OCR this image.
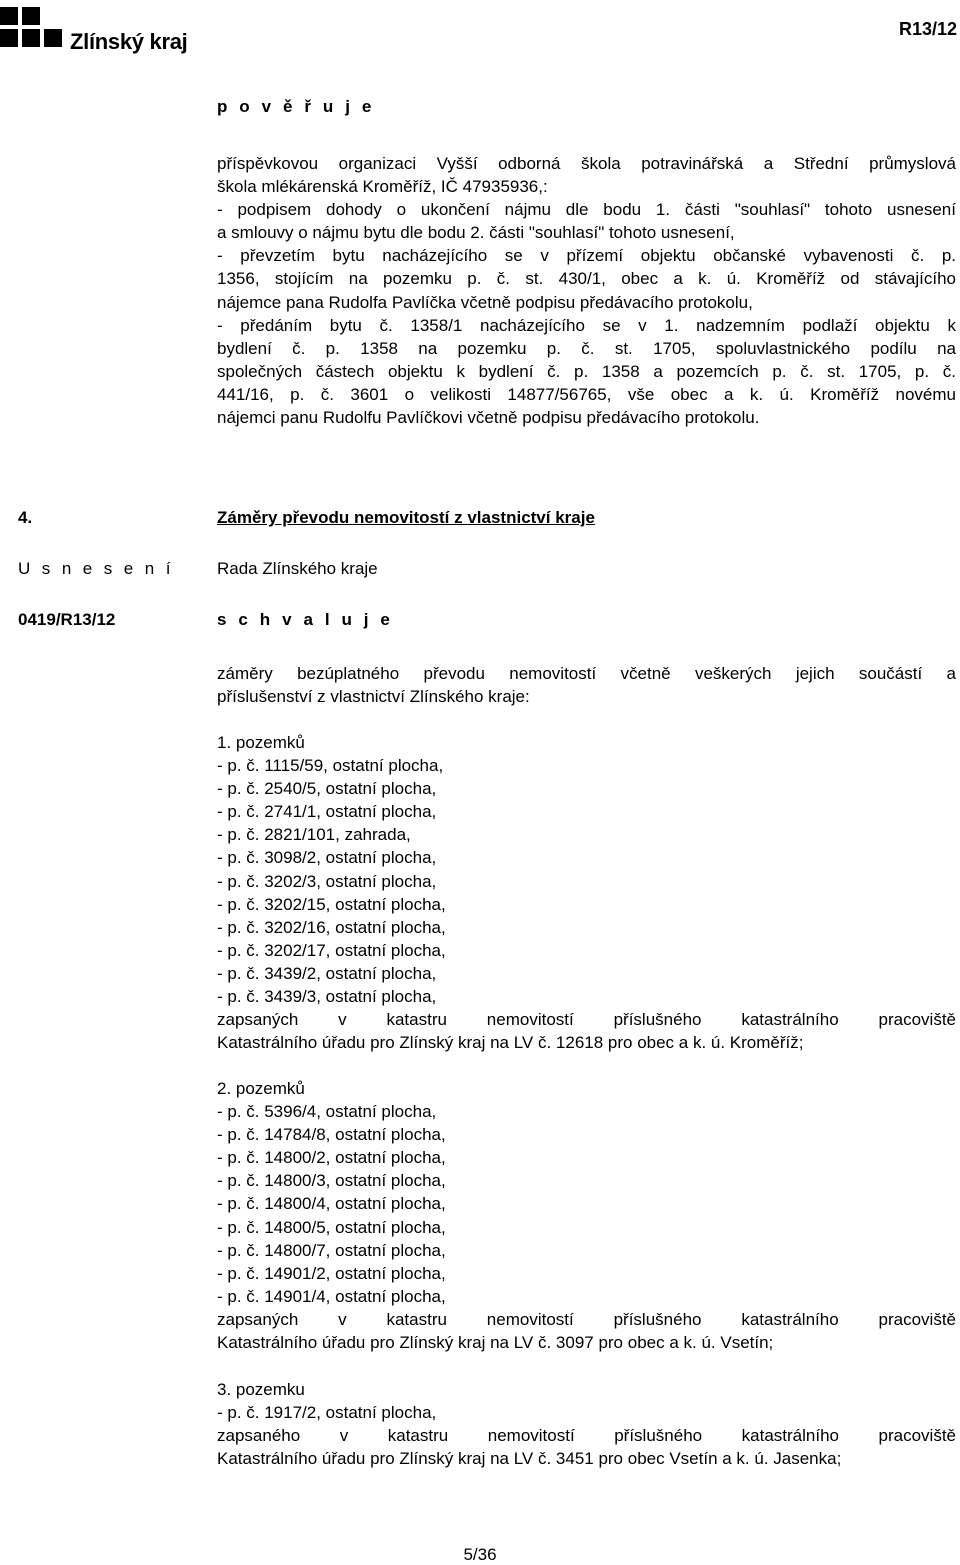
Zlínský kraj	R13/12
p o v ě ř u j e
příspěvkovou organizaci Vyšší odborná škola potravinářská a Střední průmyslová
škola mlékárenská Kroměříž, IČ 47935936,:
- podpisem dohody o ukončení nájmu dle bodu 1. části "souhlasí" tohoto usnesení
a smlouvy o nájmu bytu dle bodu 2. části "souhlasí" tohoto usnesení,
- převzetím bytu nacházejícího se v přízemí objektu občanské vybavenosti č. p.
1356, stojícím na pozemku p. č. st. 430/1, obec a k. ú. Kroměříž od stávajícího
nájemce pana Rudolfa Pavlíčka včetně podpisu předávacího protokolu,
- předáním bytu č. 1358/1 nacházejícího se v 1. nadzemním podlaží objektu k
bydlení č. p. 1358 na pozemku p. č. st. 1705, spoluvlastnického podílu na
společných částech objektu k bydlení č. p. 1358 a pozemcích p. č. st. 1705, p. č.
441/16, p. č. 3601 o velikosti 14877/56765, vše obec a k. ú. Kroměříž novému
nájemci panu Rudolfu Pavlíčkovi včetně podpisu předávacího protokolu.
4.	Záměry převodu nemovitostí z vlastnictví kraje
U s n e s e n í	Rada Zlínského kraje
0419/R13/12	s c h v a l u j e
záměry bezúplatného převodu nemovitostí včetně veškerých jejich součástí a
příslušenství z vlastnictví Zlínského kraje:
1. pozemků
- p. č. 1115/59, ostatní plocha,
- p. č. 2540/5, ostatní plocha,
- p. č. 2741/1, ostatní plocha,
- p. č. 2821/101, zahrada,
- p. č. 3098/2, ostatní plocha,
- p. č. 3202/3, ostatní plocha,
- p. č. 3202/15, ostatní plocha,
- p. č. 3202/16, ostatní plocha,
- p. č. 3202/17, ostatní plocha,
- p. č. 3439/2, ostatní plocha,
- p. č. 3439/3, ostatní plocha,
zapsaných v katastru nemovitostí příslušného katastrálního pracoviště
Katastrálního úřadu pro Zlínský kraj na LV č. 12618 pro obec a k. ú. Kroměříž;
2. pozemků
- p. č. 5396/4, ostatní plocha,
- p. č. 14784/8, ostatní plocha,
- p. č. 14800/2, ostatní plocha,
- p. č. 14800/3, ostatní plocha,
- p. č. 14800/4, ostatní plocha,
- p. č. 14800/5, ostatní plocha,
- p. č. 14800/7, ostatní plocha,
- p. č. 14901/2, ostatní plocha,
- p. č. 14901/4, ostatní plocha,
zapsaných v katastru nemovitostí příslušného katastrálního pracoviště
Katastrálního úřadu pro Zlínský kraj na LV č. 3097 pro obec a k. ú. Vsetín;
3. pozemku
- p. č. 1917/2, ostatní plocha,
zapsaného v katastru nemovitostí příslušného katastrálního pracoviště
Katastrálního úřadu pro Zlínský kraj na LV č. 3451 pro obec Vsetín a k. ú. Jasenka;
5/36
